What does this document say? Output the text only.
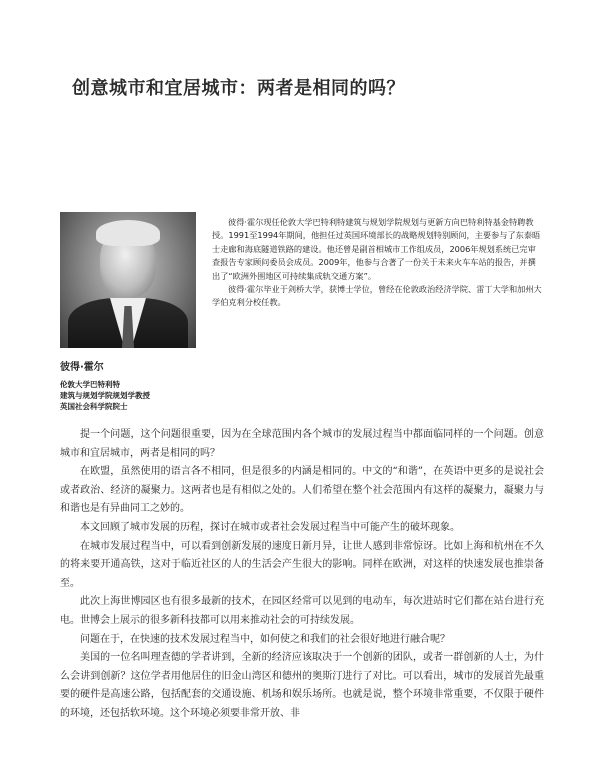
创意城市和宜居城市：两者是相同的吗？

彼得·霍尔现任伦敦大学巴特利特建筑与规划学院规划与更新方向巴特利特基金特聘教授。1991至1994年期间，他担任过英国环境部长的战略规划特别顾问，主要参与了东泰晤士走廊和海底隧道铁路的建设。他还曾是副首相城市工作组成员，2006年规划系统已完审查报告专家顾问委员会成员。2009年，他参与合著了一份关于未来火车车站的报告，并撰出了“欧洲外围地区可持续集成轨交通方案”。

彼得·霍尔毕业于剑桥大学，获博士学位，曾经在伦敦政治经济学院、雷丁大学和加州大学伯克利分校任教。

彼得·霍尔

伦敦大学巴特利特

建筑与规划学院规划学教授

英国社会科学院院士

提一个问题，这个问题很重要，因为在全球范围内各个城市的发展过程当中都面临同样的一个问题。创意城市和宜居城市，两者是相同的吗？

在欧盟，虽然使用的语言各不相同，但是很多的内涵是相同的。中文的“和谐”，在英语中更多的是说社会或者政治、经济的凝聚力。这两者也是有相似之处的。人们希望在整个社会范围内有这样的凝聚力，凝聚力与和谐也是有异曲同工之妙的。

本文回顾了城市发展的历程，探讨在城市或者社会发展过程当中可能产生的破坏现象。

在城市发展过程当中，可以看到创新发展的速度日新月异，让世人感到非常惊讶。比如上海和杭州在不久的将来要开通高铁，这对于临近社区的人的生活会产生很大的影响。同样在欧洲，对这样的快速发展也推崇备至。

此次上海世博园区也有很多最新的技术，在园区经常可以见到的电动车，每次进站时它们都在站台进行充电。世博会上展示的很多新科技都可以用来推动社会的可持续发展。

问题在于，在快速的技术发展过程当中，如何使之和我们的社会很好地进行融合呢？

美国的一位名叫理查德的学者讲到，全新的经济应该取决于一个创新的团队，或者一群创新的人士，为什么会讲到创新？这位学者用他居住的旧金山湾区和德州的奥斯汀进行了对比。可以看出，城市的发展首先最重要的硬件是高速公路，包括配套的交通设施、机场和娱乐场所。也就是说，整个环境非常重要，不仅限于硬件的环境，还包括软环境。这个环境必须要非常开放、非
